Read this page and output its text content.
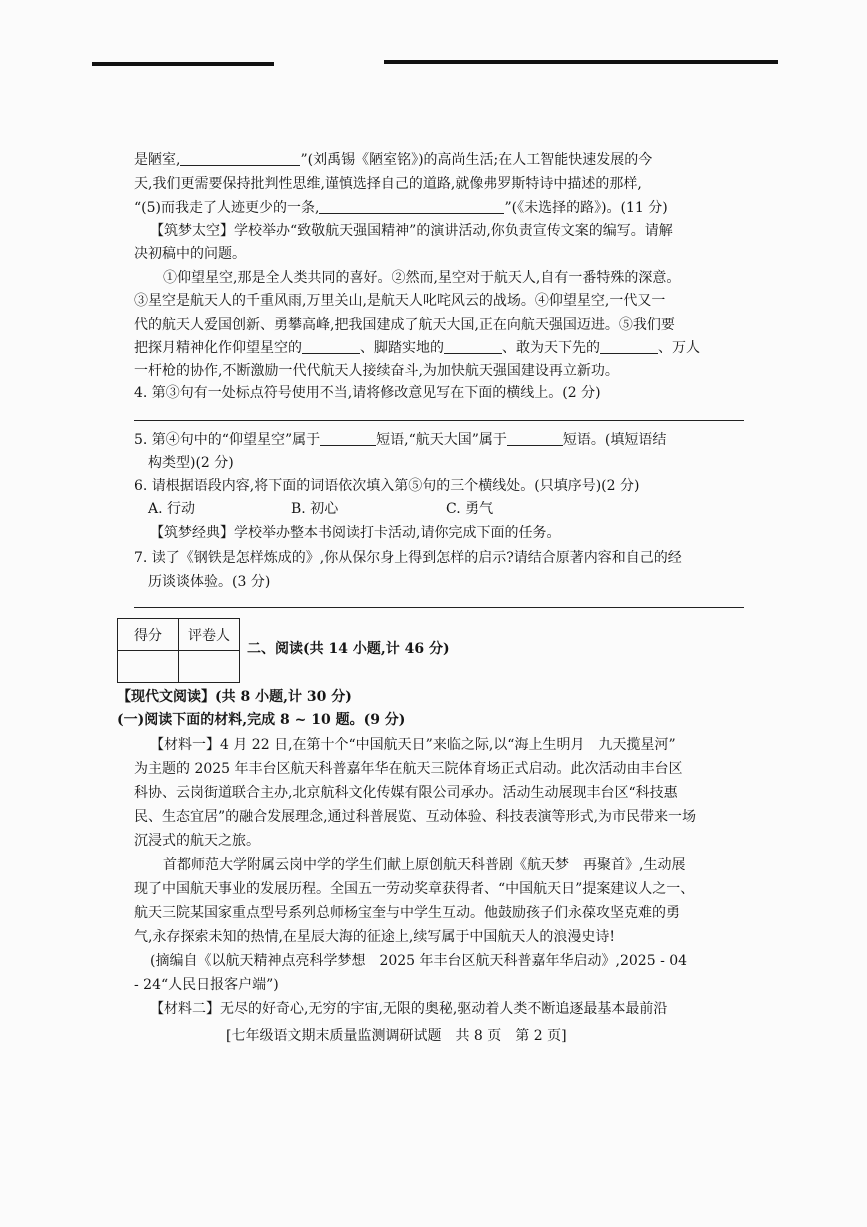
是陋室,	”(刘禹锡《陋室铭》)的高尚生活;在人工智能快速发展的今
天,我们更需要保持批判性思维,谨慎选择自己的道路,就像弗罗斯特诗中描述的那样,
“(5)而我走了人迹更少的一条,	”(《未选择的路》)。(11 分)
【筑梦太空】学校举办“致敬航天强国精神”的演讲活动,你负责宣传文案的编写。请解
决初稿中的问题。
①仰望星空,那是全人类共同的喜好。②然而,星空对于航天人,自有一番特殊的深意。
③星空是航天人的千重风雨,万里关山,是航天人叱咤风云的战场。④仰望星空,一代又一
代的航天人爱国创新、勇攀高峰,把我国建成了航天大国,正在向航天强国迈进。⑤我们要
把探月精神化作仰望星空的	、脚踏实地的	、敢为天下先的	、万人
一杆枪的协作,不断激励一代代航天人接续奋斗,为加快航天强国建设再立新功。
4. 第③句有一处标点符号使用不当,请将修改意见写在下面的横线上。(2 分)
5. 第④句中的“仰望星空”属于	短语,“航天大国”属于	短语。(填短语结
构类型)(2 分)
6. 请根据语段内容,将下面的词语依次填入第⑤句的三个横线处。(只填序号)(2 分)
A. 行动	B. 初心	C. 勇气
【筑梦经典】学校举办整本书阅读打卡活动,请你完成下面的任务。
7. 读了《钢铁是怎样炼成的》,你从保尔身上得到怎样的启示?请结合原著内容和自己的经
历谈谈体验。(3 分)
得分	评卷人

二、阅读(共 14 小题,计 46 分)
【现代文阅读】(共 8 小题,计 30 分)
(一)阅读下面的材料,完成 8 ~ 10 题。(9 分)
【材料一】4 月 22 日,在第十个“中国航天日”来临之际,以“海上生明月　九天揽星河”
为主题的 2025 年丰台区航天科普嘉年华在航天三院体育场正式启动。此次活动由丰台区
科协、云岗街道联合主办,北京航科文化传媒有限公司承办。活动生动展现丰台区“科技惠
民、生态宜居”的融合发展理念,通过科普展览、互动体验、科技表演等形式,为市民带来一场
沉浸式的航天之旅。
首都师范大学附属云岗中学的学生们献上原创航天科普剧《航天梦　再聚首》,生动展
现了中国航天事业的发展历程。全国五一劳动奖章获得者、“中国航天日”提案建议人之一、
航天三院某国家重点型号系列总师杨宝奎与中学生互动。他鼓励孩子们永葆攻坚克难的勇
气,永存探索未知的热情,在星辰大海的征途上,续写属于中国航天人的浪漫史诗!
(摘编自《以航天精神点亮科学梦想　2025 年丰台区航天科普嘉年华启动》,2025 - 04
- 24“人民日报客户端”)
【材料二】无尽的好奇心,无穷的宇宙,无限的奥秘,驱动着人类不断追逐最基本最前沿
[七年级语文期末质量监测调研试题　共 8 页　第 2 页]
